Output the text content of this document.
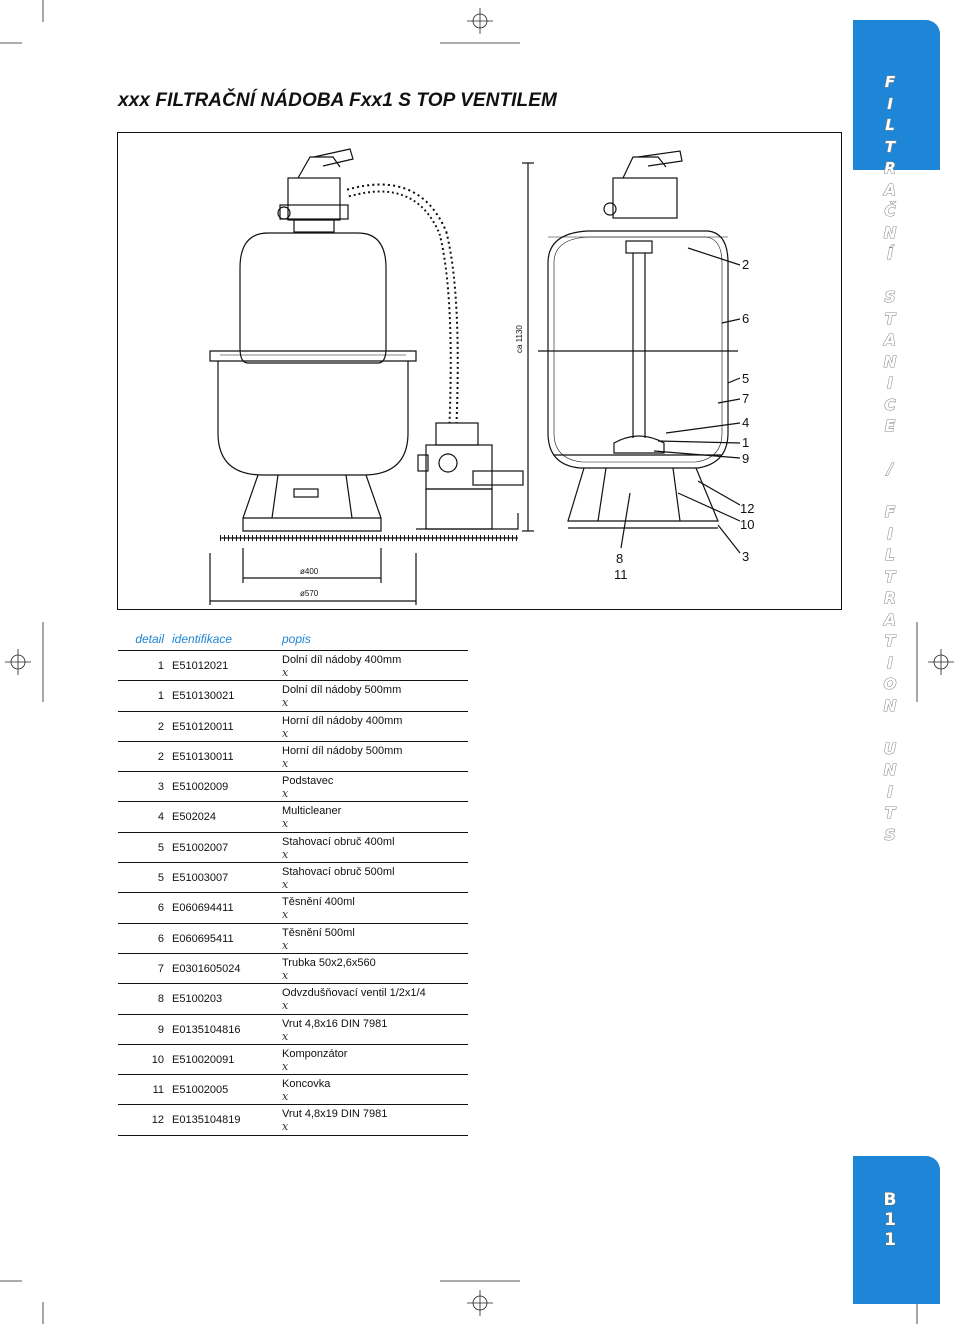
F
I
L
T
R
A
Č
N
Í

S
T
A
N
I
C
E

/

F
I
L
T
R
A
T
I
O
N

U
N
I
T
S
B
1
1
xxx FILTRAČNÍ NÁDOBA Fxx1 S TOP VENTILEM
ca 1130
ø400
ø570
2
6
5
7
4
1
9
12
10
3
8
11
detail identifikace	popis
1 E51012021	Dolní díl nádoby 400mm
x
1 E510130021	Dolní díl nádoby 500mm
x
2 E510120011	Horní díl nádoby 400mm
x
2 E510130011	Horní díl nádoby 500mm
x
3 E51002009	Podstavec
x
4 E502024	Multicleaner
x
5 E51002007	Stahovací obruč 400ml
x
5 E51003007	Stahovací obruč 500ml
x
6 E060694411	Těsnění 400ml
x
6 E060695411	Těsnění 500ml
x
7 E0301605024	Trubka 50x2,6x560
x
8 E5100203	Odvzdušňovací ventil 1/2x1/4
x
9 E0135104816	Vrut 4,8x16 DIN 7981
x
10 E510020091	Komponzátor
x
11 E51002005	Koncovka
x
12 E0135104819	Vrut 4,8x19 DIN 7981
x
